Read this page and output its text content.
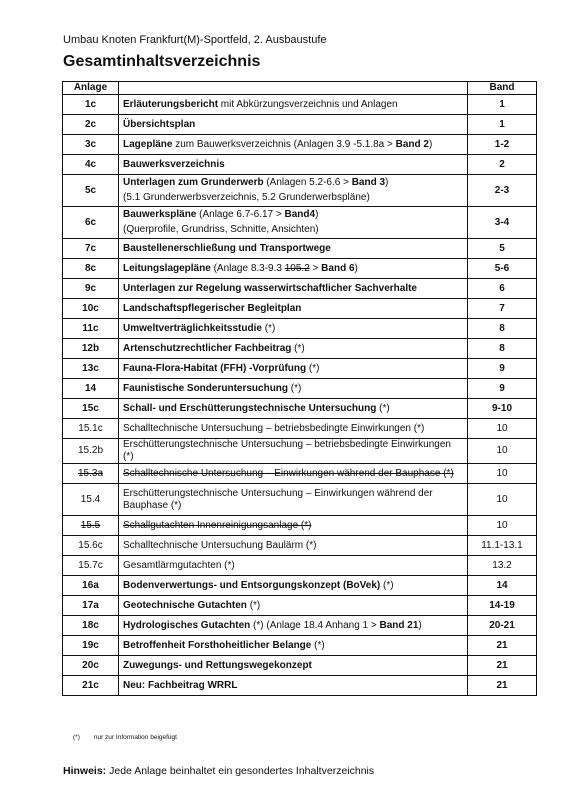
Umbau Knoten Frankfurt(M)-Sportfeld, 2. Ausbaustufe
Gesamtinhaltsverzeichnis
Anlage		Band
1c	Erläuterungsbericht mit Abkürzungsverzeichnis und Anlagen	1
2c	Übersichtsplan	1
3c	Lagepläne zum Bauwerksverzeichnis (Anlagen 3.9 -5.1.8a > Band 2)	1-2
4c	Bauwerksverzeichnis	2
5c	Unterlagen zum Grunderwerb (Anlagen 5.2-6.6 > Band 3)
(5.1 Grunderwerbsverzeichnis, 5.2 Grunderwerbspläne)	2-3
6c	Bauwerkspläne (Anlage 6.7-6.17 > Band4)
(Querprofile, Grundriss, Schnitte, Ansichten)	3-4
7c	Baustellenerschließung und Transportwege	5
8c	Leitungslagepläne (Anlage 8.3-9.3 105.2 > Band 6)	5-6
9c	Unterlagen zur Regelung wasserwirtschaftlicher Sachverhalte	6
10c	Landschaftspflegerischer Begleitplan	7
11c	Umweltverträglichkeitsstudie (*)	8
12b	Artenschutzrechtlicher Fachbeitrag (*)	8
13c	Fauna-Flora-Habitat (FFH) -Vorprüfung (*)	9
14	Faunistische Sonderuntersuchung (*)	9
15c	Schall- und Erschütterungstechnische Untersuchung (*)	9-10
15.1c	Schalltechnische Untersuchung – betriebsbedingte Einwirkungen (*)	10
15.2b	Erschütterungstechnische Untersuchung – betriebsbedingte Einwirkungen (*)	10
15.3a	Schalltechnische Untersuchung – Einwirkungen während der Bauphase (*)	10
15.4	Erschütterungstechnische Untersuchung – Einwirkungen während der Bauphase (*)	10
15.5	Schallgutachten Innenreinigungsanlage (*)	10
15.6c	Schalltechnische Untersuchung Baulärm (*)	11.1-13.1
15.7c	Gesamtlärmgutachten (*)	13.2
16a	Bodenverwertungs- und Entsorgungskonzept (BoVek) (*)	14
17a	Geotechnische Gutachten (*)	14-19
18c	Hydrologisches Gutachten (*) (Anlage 18.4 Anhang 1 > Band 21)	20-21
19c	Betroffenheit Forsthoheitlicher Belange (*)	21
20c	Zuwegungs- und Rettungswegekonzept	21
21c	Neu: Fachbeitrag WRRL	21
(*) nur zur Information beigefügt
Hinweis: Jede Anlage beinhaltet ein gesondertes Inhaltverzeichnis
